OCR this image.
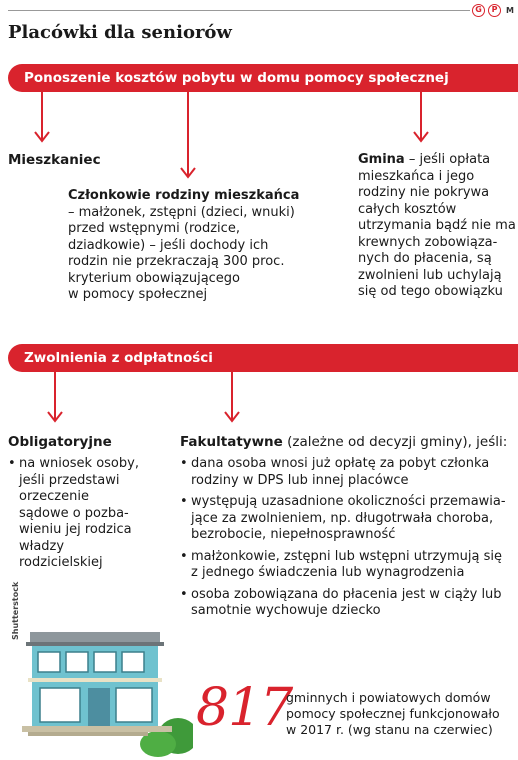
G	P	M
Placówki dla seniorów
Ponoszenie kosztów pobytu w domu pomocy społecznej
Mieszkaniec
Członkowie rodziny mieszkańca
– małżonek, zstępni (dzieci, wnuki)
przed wstępnymi (rodzice,
dziadkowie) – jeśli dochody ich
rodzin nie przekraczają 300 proc.
kryterium obowiązującego
w pomocy społecznej
Gmina – jeśli opłata
mieszkańca i jego
rodziny nie pokrywa
całych kosztów
utrzymania bądź nie ma
krewnych zobowiąza-
nych do płacenia, są
zwolnieni lub uchylają
się od tego obowiązku
Zwolnienia z odpłatności
Obligatoryjne
• na wniosek osoby,
jeśli przedstawi
orzeczenie
sądowe o pozba-
wieniu jej rodzica
władzy
rodzicielskiej
Fakultatywne (zależne od decyzji gminy), jeśli:
• dana osoba wnosi już opłatę za pobyt członka
rodziny w DPS lub innej placówce
• występują uzasadnione okoliczności przemawia-
jące za zwolnieniem, np. długotrwała choroba,
bezrobocie, niepełnosprawność
• małżonkowie, zstępni lub wstępni utrzymują się
z jednego świadczenia lub wynagrodzenia
• osoba zobowiązana do płacenia jest w ciąży lub
samotnie wychowuje dziecko
Shutterstock
817
gminnych i powiatowych domów
pomocy społecznej funkcjonowało
w 2017 r. (wg stanu na czerwiec)
